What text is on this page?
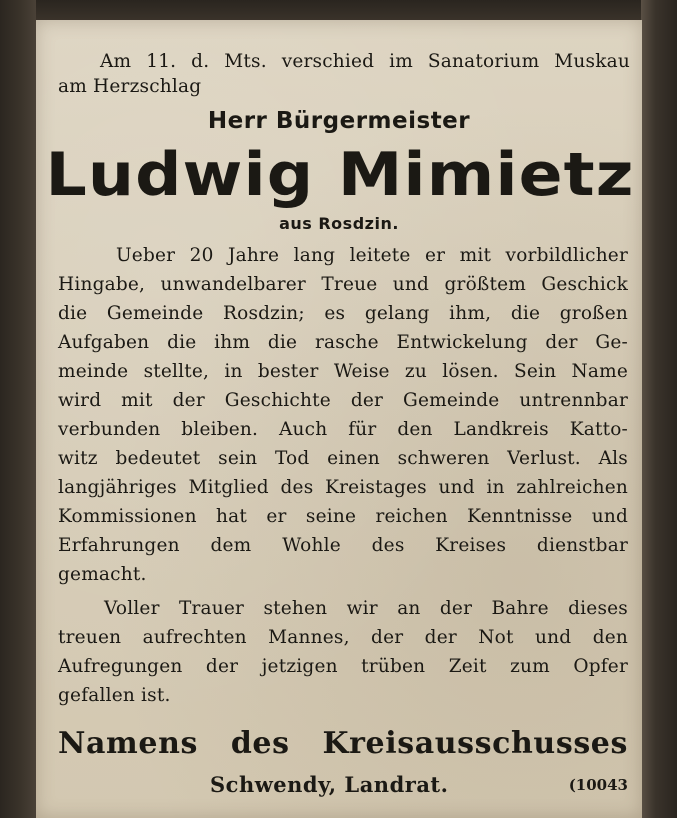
Am 11. d. Mts. verschied im Sanatorium Muskau
am Herzschlag
Herr Bürgermeister
Ludwig Mimietz
aus Rosdzin.
Ueber 20 Jahre lang leitete er mit vorbildlicher
Hingabe, unwandelbarer Treue und größtem Geschick
die Gemeinde Rosdzin; es gelang ihm, die großen
Aufgaben die ihm die rasche Entwickelung der Ge-
meinde stellte, in bester Weise zu lösen. Sein Name
wird mit der Geschichte der Gemeinde untrennbar
verbunden bleiben. Auch für den Landkreis Katto-
witz bedeutet sein Tod einen schweren Verlust. Als
langjähriges Mitglied des Kreistages und in zahlreichen
Kommissionen hat er seine reichen Kenntnisse und
Erfahrungen dem Wohle des Kreises dienstbar
gemacht.
Voller Trauer stehen wir an der Bahre dieses
treuen aufrechten Mannes, der der Not und den
Aufregungen der jetzigen trüben Zeit zum Opfer
gefallen ist.
Namens des Kreisausschusses
Schwendy, Landrat.	(10043
